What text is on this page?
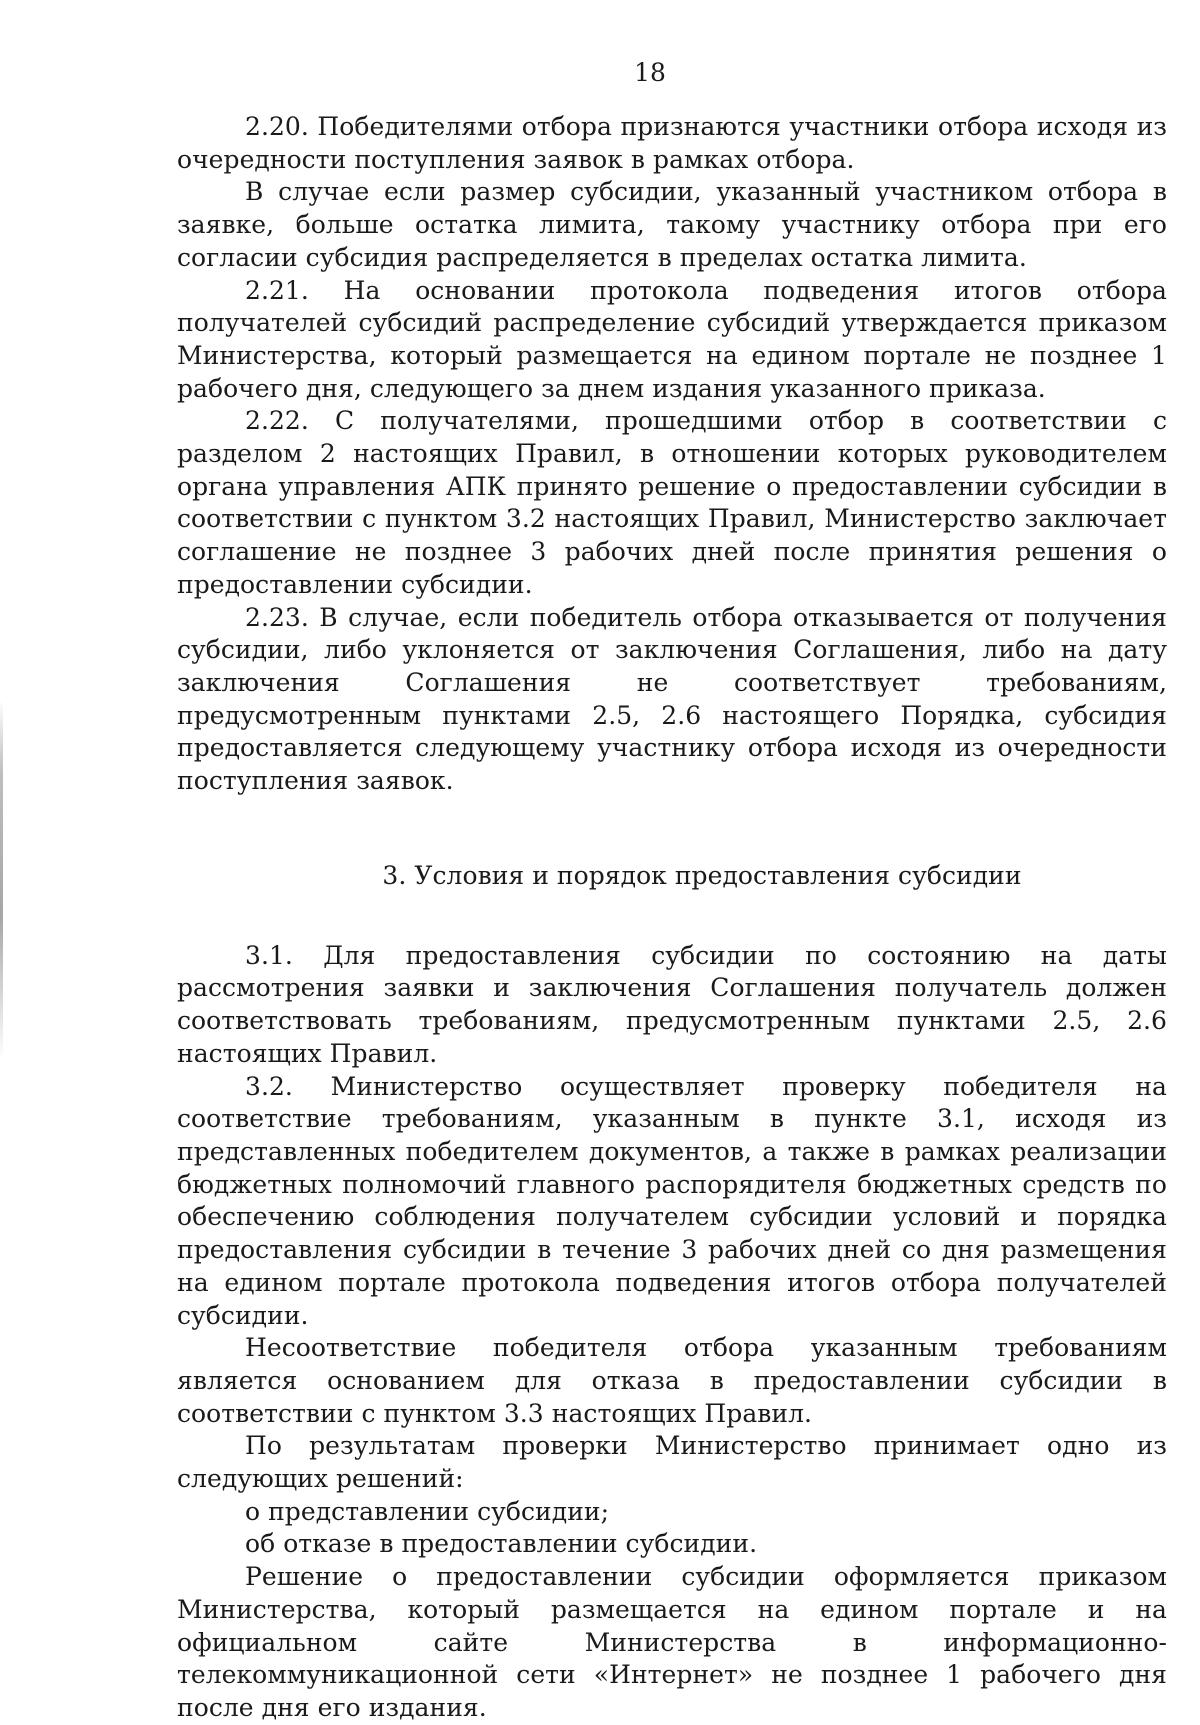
18

2.20. Победителями отбора признаются участники отбора исходя из очередности поступления заявок в рамках отбора.

В случае если размер субсидии, указанный участником отбора в заявке, больше остатка лимита, такому участнику отбора при его согласии субсидия распределяется в пределах остатка лимита.

2.21. На основании протокола подведения итогов отбора получателей субсидий распределение субсидий утверждается приказом Министерства, который размещается на едином портале не позднее 1 рабочего дня, следующего за днем издания указанного приказа.

2.22. С получателями, прошедшими отбор в соответствии с разделом 2 настоящих Правил, в отношении которых руководителем органа управления АПК принято решение о предоставлении субсидии в соответствии с пунктом 3.2 настоящих Правил, Министерство заключает соглашение не позднее 3 рабочих дней после принятия решения о предоставлении субсидии.

2.23. В случае, если победитель отбора отказывается от получения субсидии, либо уклоняется от заключения Соглашения, либо на дату заключения Соглашения не соответствует требованиям, предусмотренным пунктами 2.5, 2.6 настоящего Порядка, субсидия предоставляется следующему участнику отбора исходя из очередности поступления заявок.

3. Условия и порядок предоставления субсидии

3.1. Для предоставления субсидии по состоянию на даты рассмотрения заявки и заключения Соглашения получатель должен соответствовать требованиям, предусмотренным пунктами 2.5, 2.6 настоящих Правил.

3.2. Министерство осуществляет проверку победителя на соответствие требованиям, указанным в пункте 3.1, исходя из представленных победителем документов, а также в рамках реализации бюджетных полномочий главного распорядителя бюджетных средств по обеспечению соблюдения получателем субсидии условий и порядка предоставления субсидии в течение 3 рабочих дней со дня размещения на едином портале протокола подведения итогов отбора получателей субсидии.

Несоответствие победителя отбора указанным требованиям является основанием для отказа в предоставлении субсидии в соответствии с пунктом 3.3 настоящих Правил.

По результатам проверки Министерство принимает одно из следующих решений:

о представлении субсидии;

об отказе в предоставлении субсидии.

Решение о предоставлении субсидии оформляется приказом Министерства, который размещается на едином портале и на официальном сайте Министерства в информационно-телекоммуникационной сети «Интернет» не позднее 1 рабочего дня после дня его издания.
